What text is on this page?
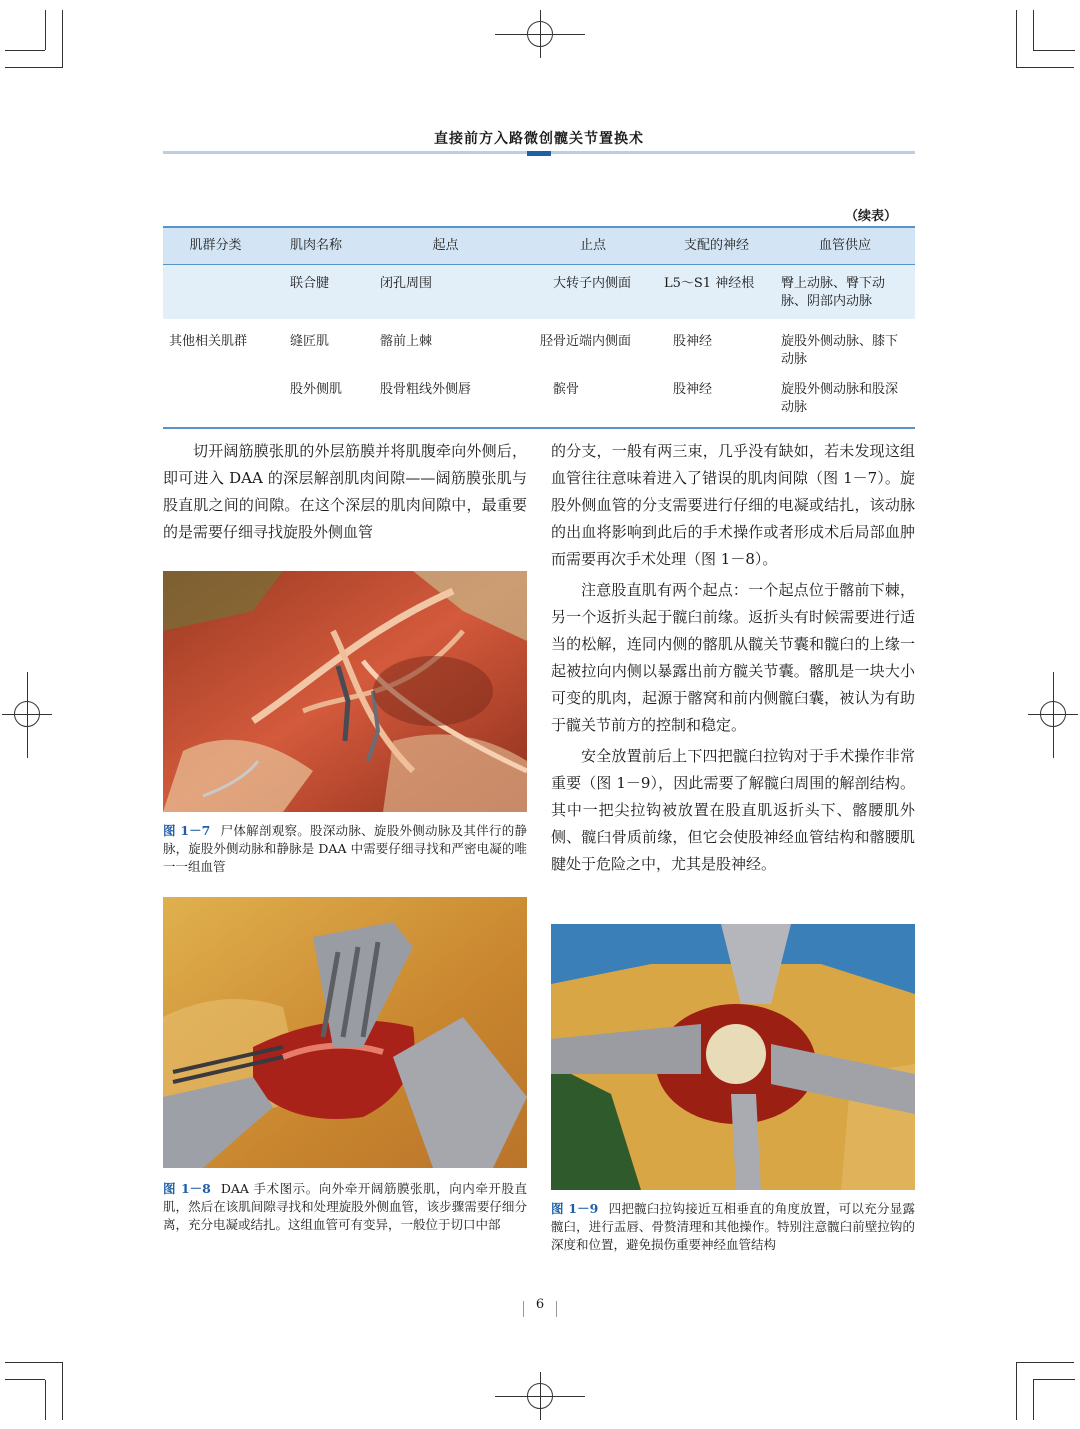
直接前方入路微创髋关节置换术
（续表）
肌群分类	肌肉名称	起点	止点	支配的神经	血管供应
	联合腱	闭孔周围	大转子内侧面	L5～S1 神经根	臀上动脉、臀下动脉、阴部内动脉
其他相关肌群	缝匠肌	髂前上棘	胫骨近端内侧面	股神经	旋股外侧动脉、膝下动脉
	股外侧肌	股骨粗线外侧唇	髌骨	股神经	旋股外侧动脉和股深动脉

切开阔筋膜张肌的外层筋膜并将肌腹牵向外侧后，即可进入 DAA 的深层解剖肌肉间隙——阔筋膜张肌与股直肌之间的间隙。在这个深层的肌肉间隙中，最重要的是需要仔细寻找旋股外侧血管

的分支，一般有两三束，几乎没有缺如，若未发现这组血管往往意味着进入了错误的肌肉间隙（图 1－7）。旋股外侧血管的分支需要进行仔细的电凝或结扎，该动脉的出血将影响到此后的手术操作或者形成术后局部血肿而需要再次手术处理（图 1－8）。

注意股直肌有两个起点：一个起点位于髂前下棘，另一个返折头起于髋臼前缘。返折头有时候需要进行适当的松解，连同内侧的髂肌从髋关节囊和髋臼的上缘一起被拉向内侧以暴露出前方髋关节囊。髂肌是一块大小可变的肌肉，起源于髂窝和前内侧髋臼囊，被认为有助于髋关节前方的控制和稳定。

安全放置前后上下四把髋臼拉钩对于手术操作非常重要（图 1－9），因此需要了解髋臼周围的解剖结构。其中一把尖拉钩被放置在股直肌返折头下、髂腰肌外侧、髋臼骨质前缘，但它会使股神经血管结构和髂腰肌腱处于危险之中，尤其是股神经。

图 1－7 尸体解剖观察。股深动脉、旋股外侧动脉及其伴行的静脉，旋股外侧动脉和静脉是 DAA 中需要仔细寻找和严密电凝的唯一一组血管
图 1－8 DAA 手术图示。向外牵开阔筋膜张肌，向内牵开股直肌，然后在该肌间隙寻找和处理旋股外侧血管，该步骤需要仔细分离，充分电凝或结扎。这组血管可有变异，一般位于切口中部
图 1－9 四把髋臼拉钩接近互相垂直的角度放置，可以充分显露髋臼，进行盂唇、骨赘清理和其他操作。特别注意髋臼前壁拉钩的深度和位置，避免损伤重要神经血管结构
6
